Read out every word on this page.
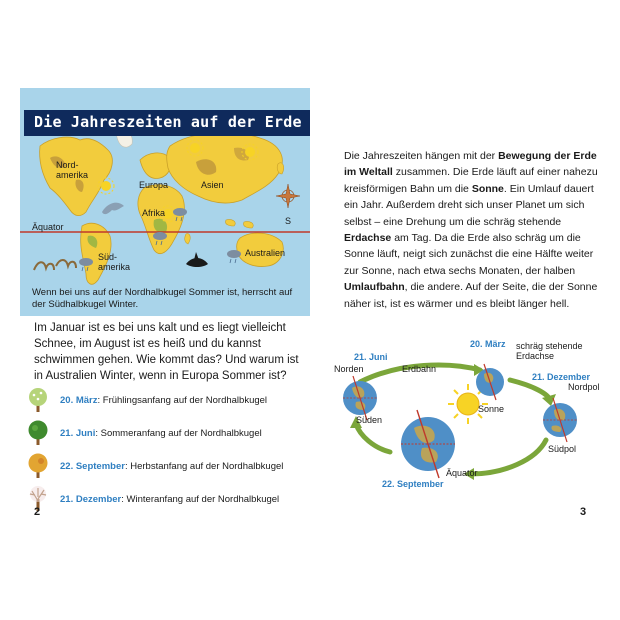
Die Jahreszeiten auf der Erde
Nord-
amerika
Europa	Asien
Afrika
Süd-
amerika
Australien
S
Äquator
Wenn bei uns auf der Nordhalbkugel Sommer ist, herrscht auf der Südhalbkugel Winter.

Im Januar ist es bei uns kalt und es liegt vielleicht Schnee, im August ist es heiß und du kannst schwimmen gehen. Wie kommt das? Und warum ist in Australien Winter, wenn in Europa Sommer ist?

20. März: Frühlingsanfang auf der Nordhalbkugel
21. Juni: Sommeranfang auf der Nordhalbkugel
22. September: Herbstanfang auf der Nordhalbkugel
21. Dezember: Winteranfang auf der Nordhalbkugel
2

Die Jahreszeiten hängen mit der Bewegung der Erde im Weltall zusammen. Die Erde läuft auf einer nahezu kreisförmigen Bahn um die Sonne. Ein Umlauf dauert ein Jahr. Außerdem dreht sich unser Planet um sich selbst – eine Drehung um die schräg stehende Erdachse am Tag. Da die Erde also schräg um die Sonne läuft, neigt sich zunächst die eine Hälfte weiter zur Sonne, nach etwa sechs Monaten, der halben Umlaufbahn, die andere. Auf der Seite, die der Sonne näher ist, ist es wärmer und es bleibt länger hell.

21. Juni
20. März
21. Dezember
22. September
schräg stehende
Erdachse
Norden	Erdbahn
Süden
Sonne
Nordpol
Südpol
Äquator
3
